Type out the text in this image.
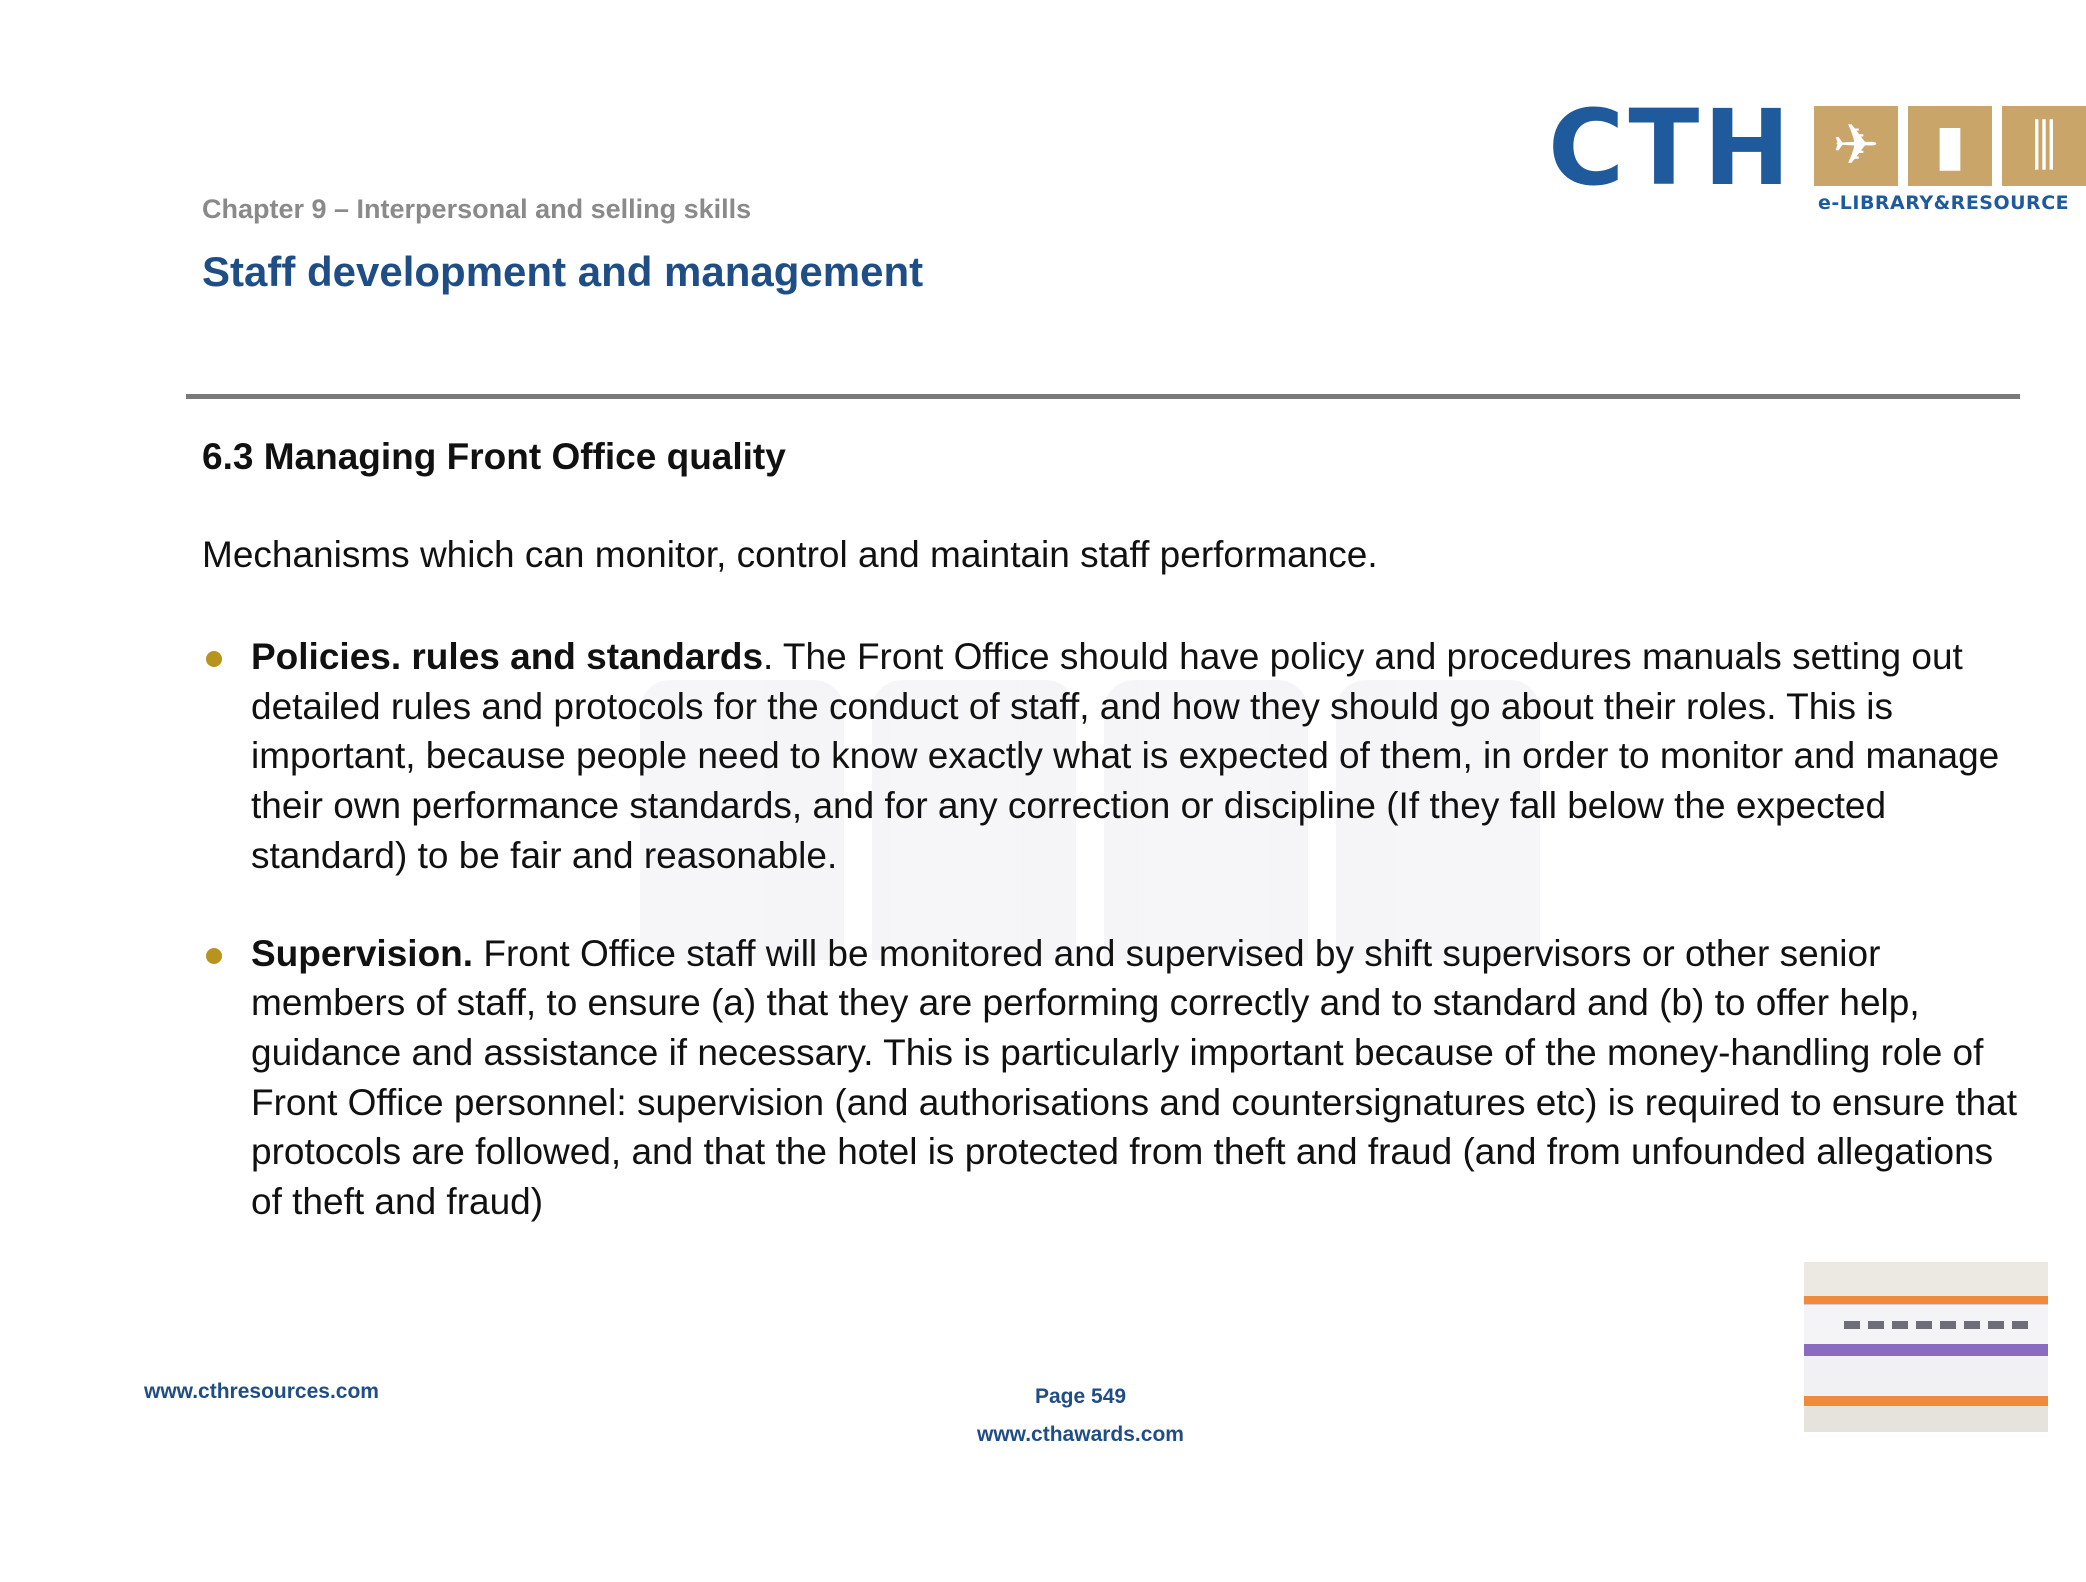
CTH ✈ ▮	⫼
e-LIBRARY&RESOURCE
Chapter 9 – Interpersonal and selling skills
Staff development and management
6.3 Managing Front Office quality
Mechanisms which can monitor, control and maintain staff performance.
Policies. rules and standards. The Front Office should have policy and procedures manuals setting out detailed rules and protocols for the conduct of staff, and how they should go about their roles. This is important, because people need to know exactly what is expected of them, in order to monitor and manage their own performance standards, and for any correction or discipline (If they fall below the expected standard) to be fair and reasonable.
Supervision. Front Office staff will be monitored and supervised by shift supervisors or other senior members of staff, to ensure (a) that they are performing correctly and to standard and (b) to offer help, guidance and assistance if necessary. This is particularly important because of the money-handling role of Front Office personnel: supervision (and authorisations and countersignatures etc) is required to ensure that protocols are followed, and that the hotel is protected from theft and fraud (and from unfounded allegations of theft and fraud)
www.cthresources.com	Page 549
www.cthawards.com
